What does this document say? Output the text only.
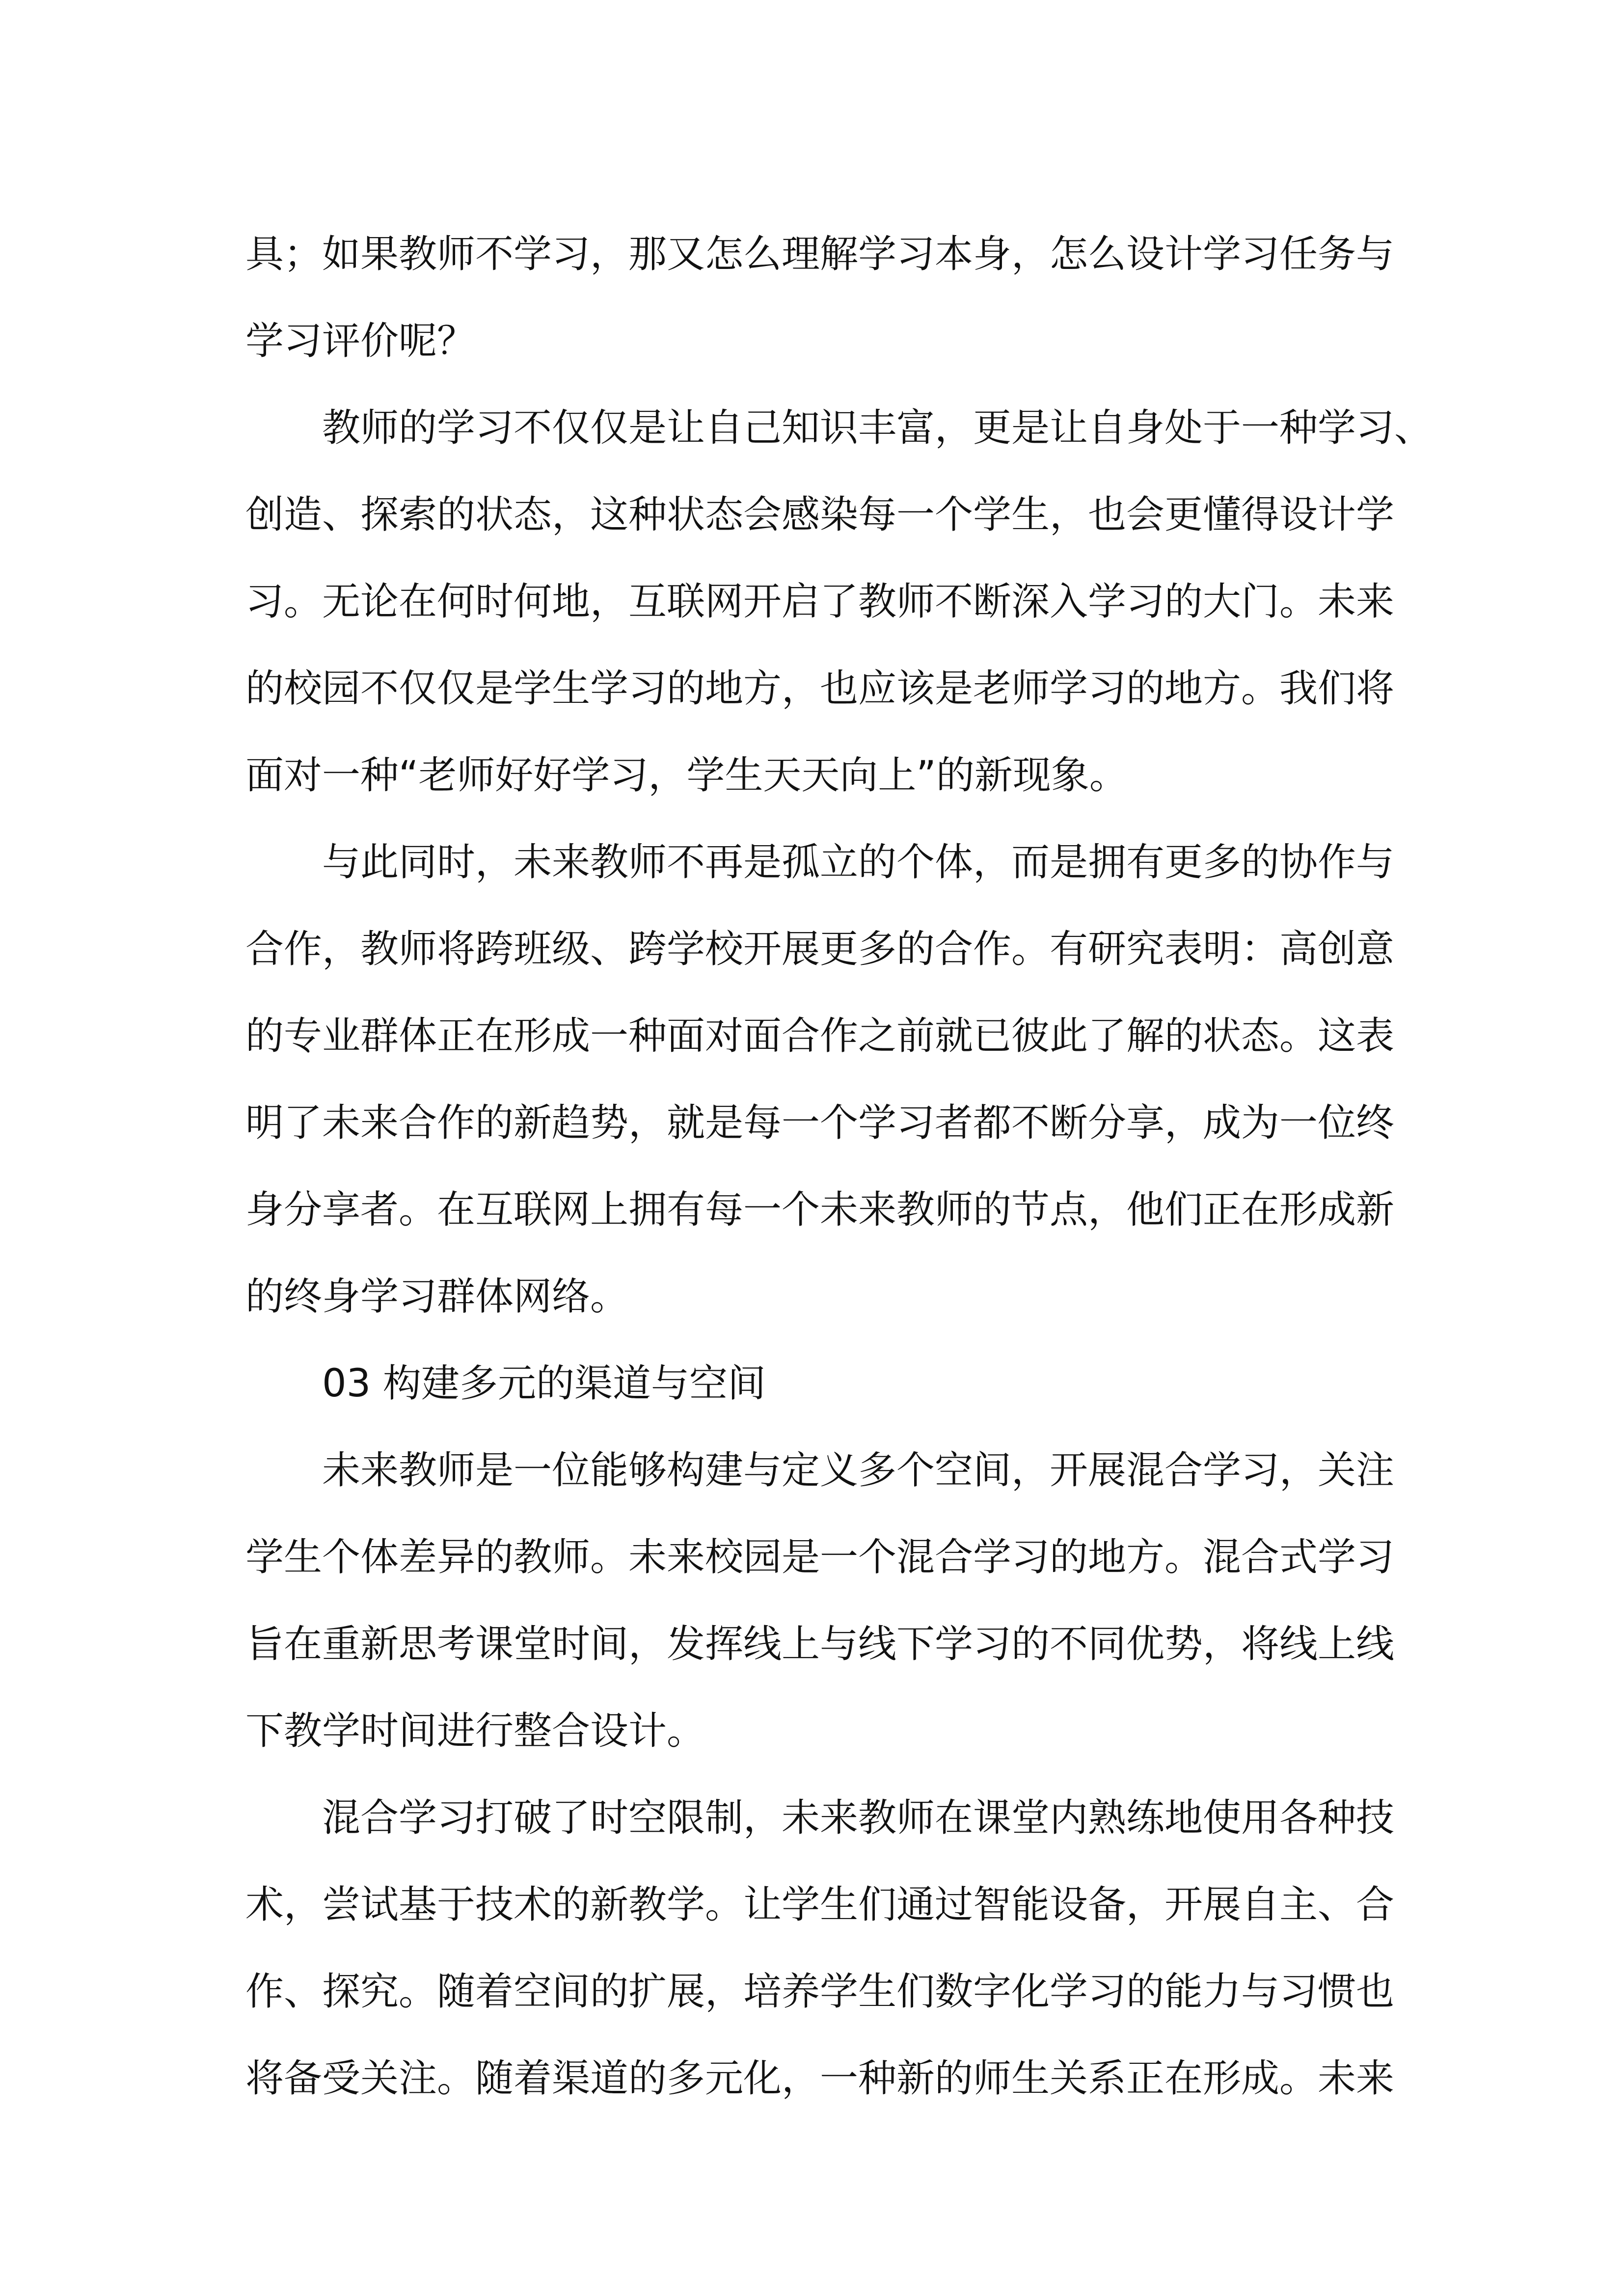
具；如果教师不学习，那又怎么理解学习本身，怎么设计学习任务与
学习评价呢？
教师的学习不仅仅是让自己知识丰富，更是让自身处于一种学习、
创造、探索的状态，这种状态会感染每一个学生，也会更懂得设计学
习。无论在何时何地，互联网开启了教师不断深入学习的大门。未来
的校园不仅仅是学生学习的地方，也应该是老师学习的地方。我们将
面对一种“老师好好学习，学生天天向上”的新现象。
与此同时，未来教师不再是孤立的个体，而是拥有更多的协作与
合作，教师将跨班级、跨学校开展更多的合作。有研究表明：高创意
的专业群体正在形成一种面对面合作之前就已彼此了解的状态。这表
明了未来合作的新趋势，就是每一个学习者都不断分享，成为一位终
身分享者。在互联网上拥有每一个未来教师的节点，他们正在形成新
的终身学习群体网络。
03 构建多元的渠道与空间
未来教师是一位能够构建与定义多个空间，开展混合学习，关注
学生个体差异的教师。未来校园是一个混合学习的地方。混合式学习
旨在重新思考课堂时间，发挥线上与线下学习的不同优势，将线上线
下教学时间进行整合设计。
混合学习打破了时空限制，未来教师在课堂内熟练地使用各种技
术，尝试基于技术的新教学。让学生们通过智能设备，开展自主、合
作、探究。随着空间的扩展，培养学生们数字化学习的能力与习惯也
将备受关注。随着渠道的多元化，一种新的师生关系正在形成。未来
